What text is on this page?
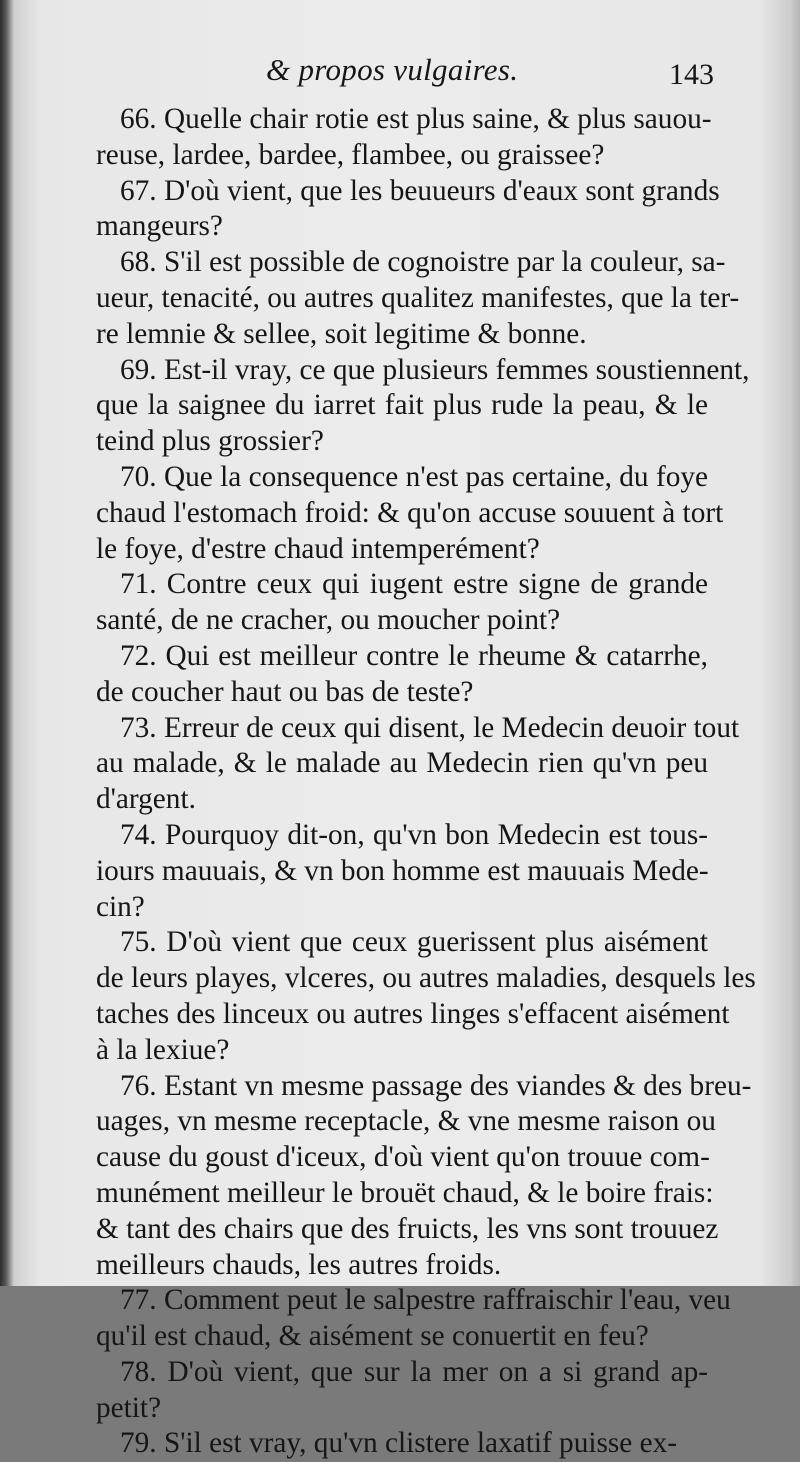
& propos vulgaires.	143

66. Quelle chair rotie est plus saine, & plus sauou-
reuse, lardee, bardee, flambee, ou graissee?

67. D'où vient, que les beuueurs d'eaux sont grands
mangeurs?

68. S'il est possible de cognoistre par la couleur, sa-
ueur, tenacité, ou autres qualitez manifestes, que la ter-
re lemnie & sellee, soit legitime & bonne.

69. Est-il vray, ce que plusieurs femmes soustiennent,
que la saignee du iarret fait plus rude la peau, & le
teind plus grossier?

70. Que la consequence n'est pas certaine, du foye
chaud l'estomach froid: & qu'on accuse souuent à tort
le foye, d'estre chaud intemperément?

71. Contre ceux qui iugent estre signe de grande
santé, de ne cracher, ou moucher point?

72. Qui est meilleur contre le rheume & catarrhe,
de coucher haut ou bas de teste?

73. Erreur de ceux qui disent, le Medecin deuoir tout
au malade, & le malade au Medecin rien qu'vn peu
d'argent.

74. Pourquoy dit-on, qu'vn bon Medecin est tous-
iours mauuais, & vn bon homme est mauuais Mede-
cin?

75. D'où vient que ceux guerissent plus aisément
de leurs playes, vlceres, ou autres maladies, desquels les
taches des linceux ou autres linges s'effacent aisément
à la lexiue?

76. Estant vn mesme passage des viandes & des breu-
uages, vn mesme receptacle, & vne mesme raison ou
cause du goust d'iceux, d'où vient qu'on trouue com-
munément meilleur le brouët chaud, & le boire frais:
& tant des chairs que des fruicts, les vns sont trouuez
meilleurs chauds, les autres froids.

77. Comment peut le salpestre raffraischir l'eau, veu
qu'il est chaud, & aisément se conuertit en feu?

78. D'où vient, que sur la mer on a si grand ap-
petit?

79. S'il est vray, qu'vn clistere laxatif puisse ex-
